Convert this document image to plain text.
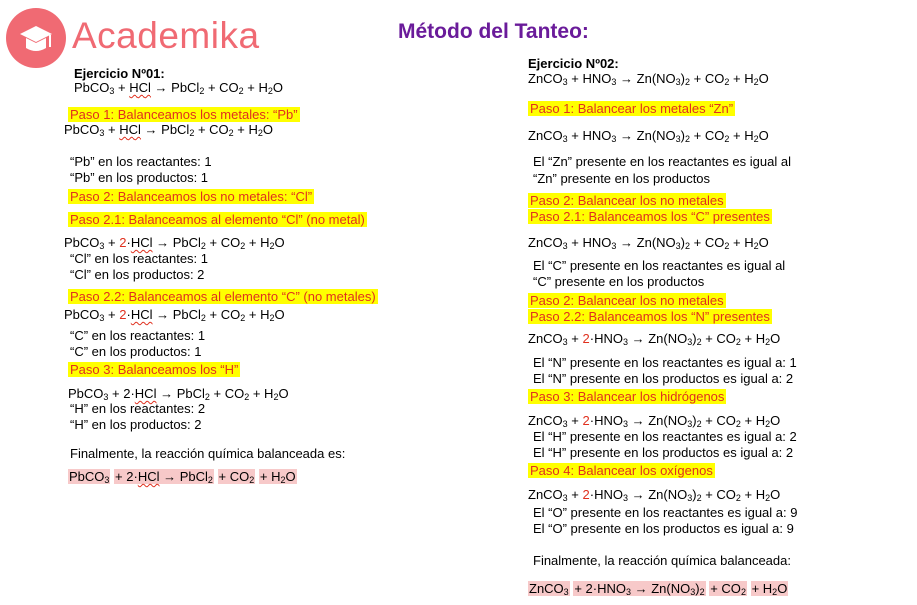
Academika	Método del Tanteo:
Ejercicio Nº01:
PbCO$_3$ + HCl → PbCl$_2$ + $CO_2 + H_2O$
Paso 1: Balanceamos los metales: “Pb”
PbCO$_3$ + HCl → PbCl$_2$ + $CO_2 + H_2O$
“Pb” en los reactantes: 1
“Pb” en los productos: 1
Paso 2: Balanceamos los no metales: “Cl”
Paso 2.1: Balanceamos al elemento “Cl” (no metal)
PbCO$_3$ + 2·HCl → PbCl$_2$ + $CO_2 + H_2O$
“Cl” en los reactantes: 1
“Cl” en los productos: 2
Paso 2.2: Balanceamos al elemento “C” (no metales)
PbCO$_3$ + 2·HCl → PbCl$_2$ + $CO_2 + H_2O$
“C” en los reactantes: 1
“C” en los productos: 1
Paso 3: Balanceamos los “H”
PbCO$_3$ + 2·HCl → PbCl$_2$ + $CO_2 + H_2O$
“H” en los reactantes: 2
“H” en los productos: 2
Finalmente, la reacción química balanceada es:
PbCO$_3$ + 2·HCl → PbCl$_2$ + $CO_2 + H_2O$
Ejercicio Nº02:
ZnCO$_3$ + $HNO_3 \to Zn(NO_3)_2 + CO_2 + H_2O$
Paso 1: Balancear los metales “Zn”
ZnCO$_3$ + $HNO_3 \to Zn(NO_3)_2 + CO_2 + H_2O$
El “Zn” presente en los reactantes es igual al
“Zn” presente en los productos
Paso 2: Balancear los no metales
Paso 2.1: Balanceamos los “C” presentes
ZnCO$_3$ + $HNO_3 \to Zn(NO_3)_2 + CO_2 + H_2O$
El “C” presente en los reactantes es igual al
“C” presente en los productos
Paso 2: Balancear los no metales
Paso 2.2: Balanceamos los “N” presentes
ZnCO$_3$ + $2\cdot HNO_3 \to Zn(NO_3)_2 + CO_2 + H_2O$
El “N” presente en los reactantes es igual a: 1
El “N” presente en los productos es igual a: 2
Paso 3: Balancear los hidrógenos
ZnCO$_3$ + $2\cdot HNO_3 \to Zn(NO_3)_2 + CO_2 + H_2O$
El “H” presente en los reactantes es igual a: 2
El “H” presente en los productos es igual a: 2
Paso 4: Balancear los oxígenos
ZnCO$_3$ + $2\cdot HNO_3 \to Zn(NO_3)_2 + CO_2 + H_2O$
El “O” presente en los reactantes es igual a: 9
El “O” presente en los productos es igual a: 9
Finalmente, la reacción química balanceada:
ZnCO$_3$ + $2\cdot HNO_3 \to Zn(NO_3)_2 + CO_2 + H_2O$
